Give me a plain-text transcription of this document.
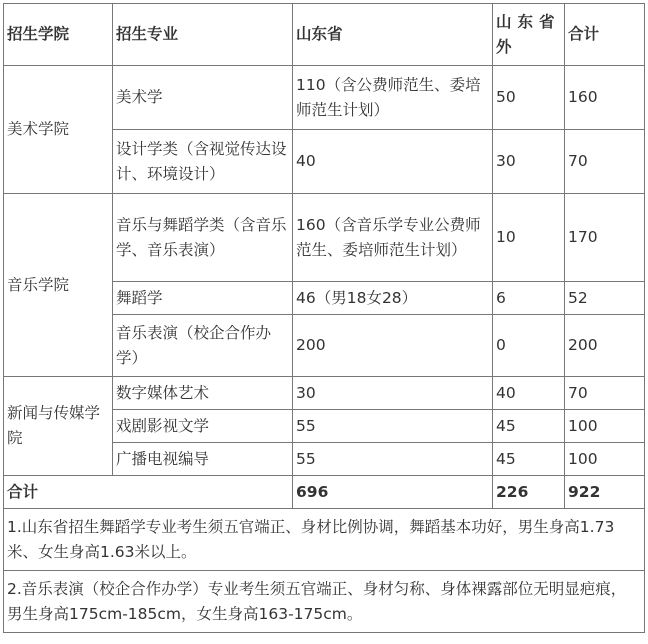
招生学院	招生专业	山东省	山东省外	合计
美术学院	美术学	110（含公费师范生、委培师范生计划）	50	160
	设计学类（含视觉传达设计、环境设计）	40	30	70
音乐学院	音乐与舞蹈学类（含音乐学、音乐表演）	160（含音乐学专业公费师范生、委培师范生计划）	10	170
	舞蹈学	46（男18女28）	6	52
	音乐表演（校企合作办学）	200	0	200
新闻与传媒学院	数字媒体艺术	30	40	70
	戏剧影视文学	55	45	100
	广播电视编导	55	45	100
合计		696	226	922
1.山东省招生舞蹈学专业考生须五官端正、身材比例协调，舞蹈基本功好，男生身高1.73米、女生身高1.63米以上。				
2.音乐表演（校企合作办学）专业考生须五官端正、身材匀称、身体裸露部位无明显疤痕，男生身高175cm-185cm，女生身高163-175cm。				
